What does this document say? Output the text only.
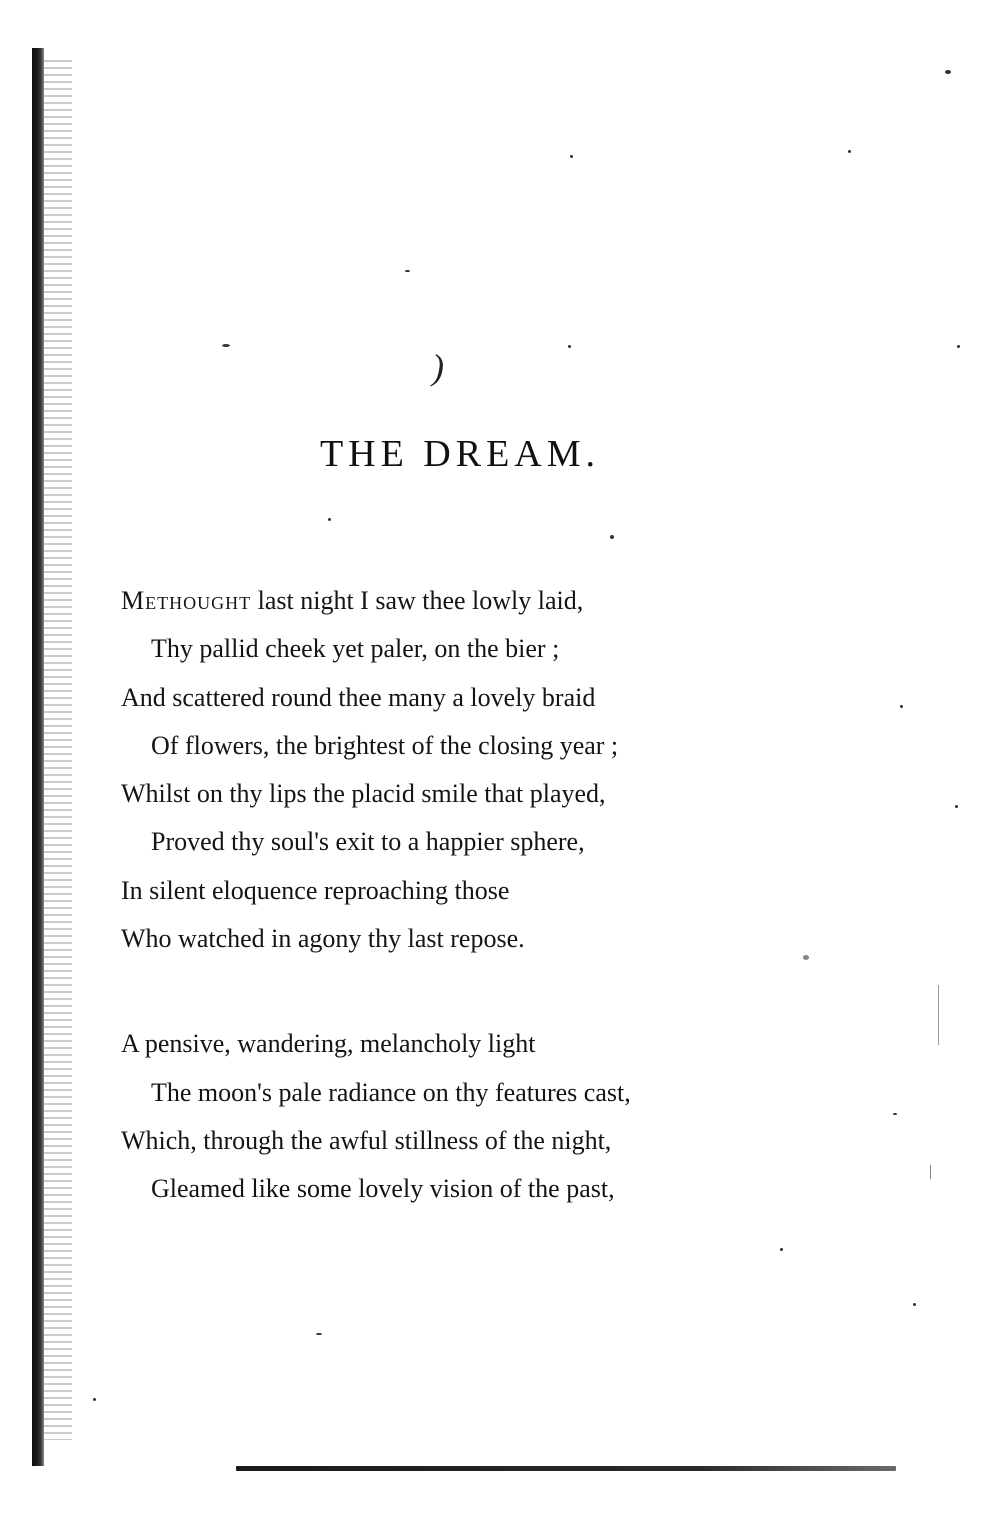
)
THE DREAM.
Methought last night I saw thee lowly laid,
Thy pallid cheek yet paler, on the bier ;
And scattered round thee many a lovely braid
Of flowers, the brightest of the closing year ;
Whilst on thy lips the placid smile that played,
Proved thy soul's exit to a happier sphere,
In silent eloquence reproaching those
Who watched in agony thy last repose.
A pensive, wandering, melancholy light
The moon's pale radiance on thy features cast,
Which, through the awful stillness of the night,
Gleamed like some lovely vision of the past,
